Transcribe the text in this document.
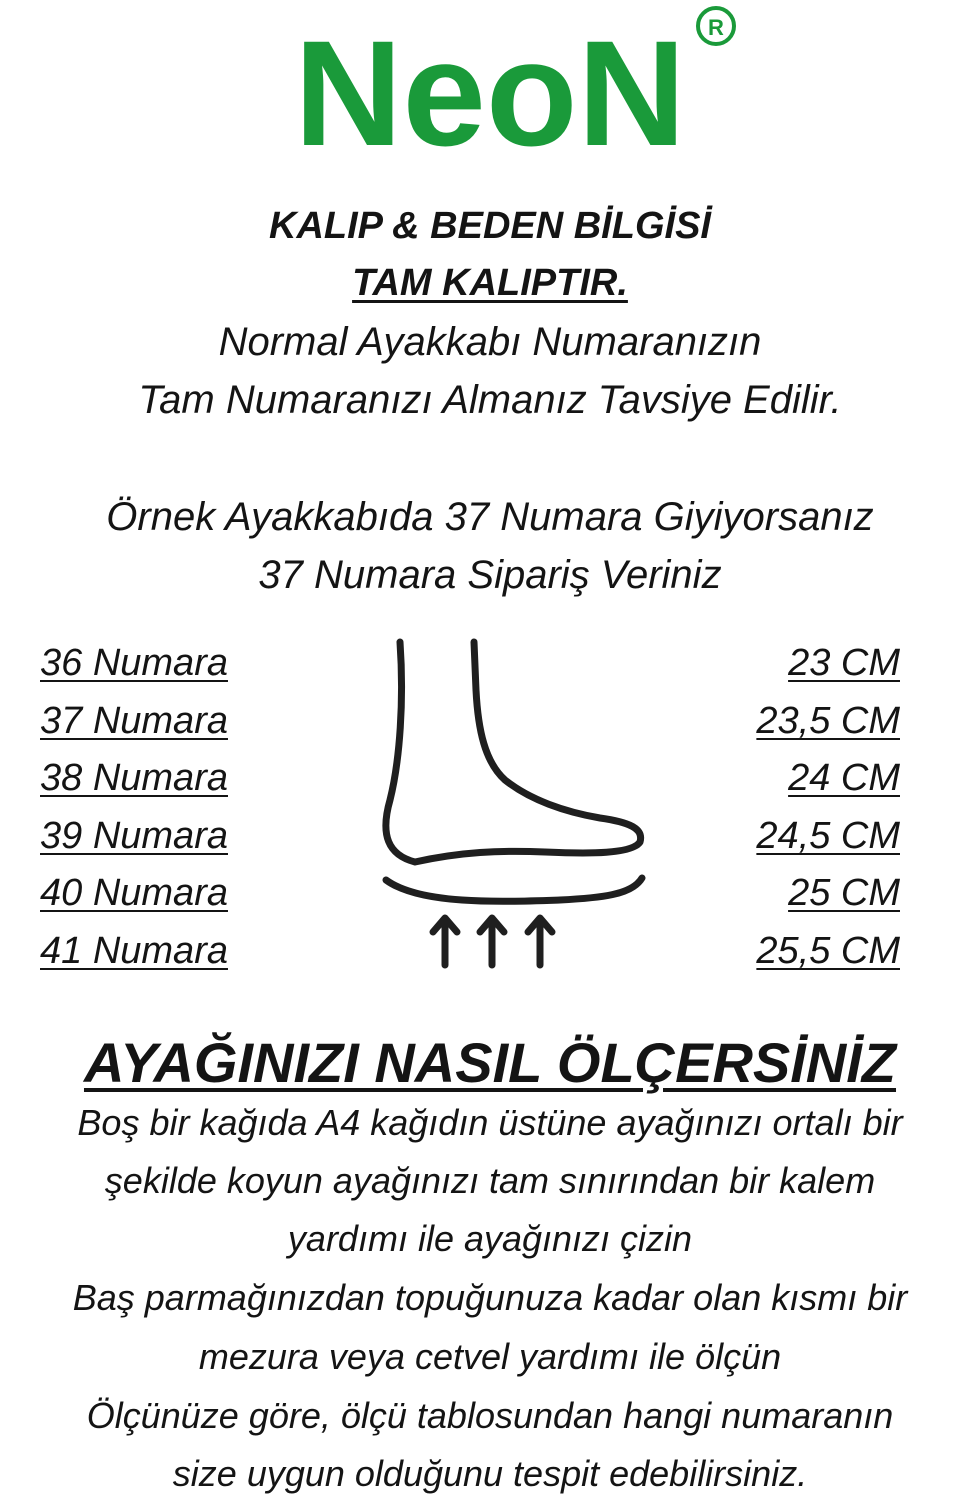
NeoN R
KALIP & BEDEN BİLGİSİ
TAM KALIPTIR.
Normal Ayakkabı Numaranızın
Tam Numaranızı Almanız Tavsiye Edilir.
Örnek Ayakkabıda 37 Numara Giyiyorsanız
37 Numara Sipariş Veriniz
36 Numara
37 Numara
38 Numara
39 Numara
40 Numara
41 Numara
23 CM
23,5 CM
24 CM
24,5 CM
25 CM
25,5 CM
AYAĞINIZI NASIL ÖLÇERSİNİZ
Boş bir kağıda A4 kağıdın üstüne ayağınızı ortalı bir
şekilde koyun ayağınızı tam sınırından bir kalem
yardımı ile ayağınızı çizin
Baş parmağınızdan topuğunuza kadar olan kısmı bir
mezura veya cetvel yardımı ile ölçün
Ölçünüze göre, ölçü tablosundan hangi numaranın
size uygun olduğunu tespit edebilirsiniz.
